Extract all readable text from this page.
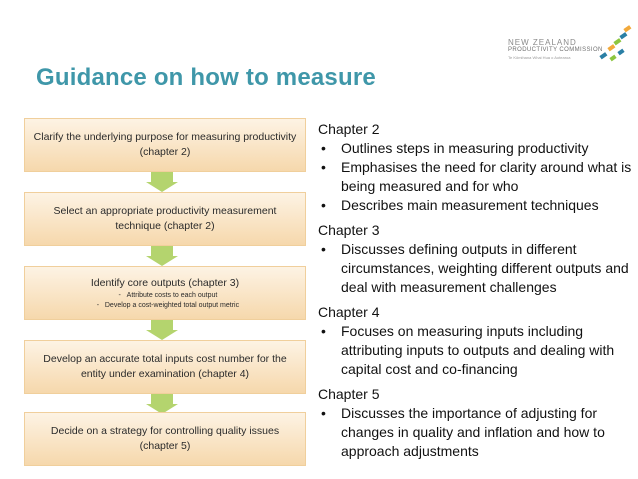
NEW ZEALAND
PRODUCTIVITY COMMISSION
Te Kōmihana Whai Hua o Aotearoa
Guidance on how to measure
Clarify the underlying purpose for measuring productivity (chapter 2)
Select an appropriate productivity measurement technique (chapter 2)
Identify core outputs (chapter 3)
- Attribute costs to each output
- Develop a cost-weighted total output metric
Develop an accurate total inputs cost number for the entity under examination (chapter 4)
Decide on a strategy for controlling quality issues (chapter 5)
Chapter 2
• Outlines steps in measuring productivity
• Emphasises the need for clarity around what is being measured and for who
• Describes main measurement techniques
Chapter 3
• Discusses defining outputs in different circumstances, weighting different outputs and deal with measurement challenges
Chapter 4
• Focuses on measuring inputs including attributing inputs to outputs and dealing with capital cost and co-financing
Chapter 5
• Discusses the importance of adjusting for changes in quality and inflation and how to approach adjustments
